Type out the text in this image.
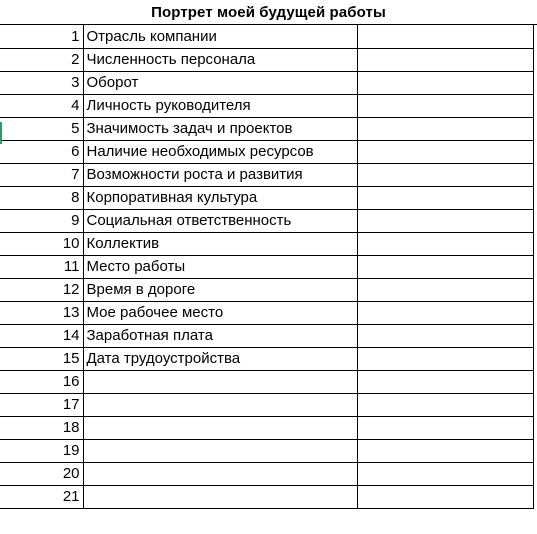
Портрет моей будущей работы
1	Отрасль компании	
2	Численность персонала	
3	Оборот	
4	Личность руководителя	
5	Значимость задач и проектов	
6	Наличие необходимых ресурсов	
7	Возможности роста и развития	
8	Корпоративная культура	
9	Социальная ответственность	
10	Коллектив	
11	Место работы	
12	Время в дороге	
13	Мое рабочее место	
14	Заработная плата	
15	Дата трудоустройства	
16		
17		
18		
19		
20		
21		
